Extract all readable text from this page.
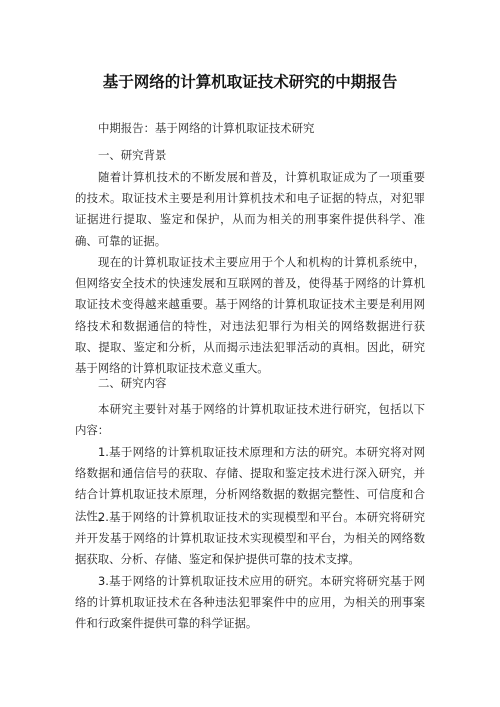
基于网络的计算机取证技术研究的中期报告

中期报告：基于网络的计算机取证技术研究

一、研究背景

随着计算机技术的不断发展和普及，计算机取证成为了一项重要的技术。取证技术主要是利用计算机技术和电子证据的特点，对犯罪证据进行提取、鉴定和保护，从而为相关的刑事案件提供科学、准确、可靠的证据。

现在的计算机取证技术主要应用于个人和机构的计算机系统中，但网络安全技术的快速发展和互联网的普及，使得基于网络的计算机取证技术变得越来越重要。基于网络的计算机取证技术主要是利用网络技术和数据通信的特性，对违法犯罪行为相关的网络数据进行获取、提取、鉴定和分析，从而揭示违法犯罪活动的真相。因此，研究基于网络的计算机取证技术意义重大。

二、研究内容

本研究主要针对基于网络的计算机取证技术进行研究，包括以下内容：

1.基于网络的计算机取证技术原理和方法的研究。本研究将对网络数据和通信信号的获取、存储、提取和鉴定技术进行深入研究，并结合计算机取证技术原理，分析网络数据的数据完整性、可信度和合法性。

2.基于网络的计算机取证技术的实现模型和平台。本研究将研究并开发基于网络的计算机取证技术实现模型和平台，为相关的网络数据获取、分析、存储、鉴定和保护提供可靠的技术支撑。

3.基于网络的计算机取证技术应用的研究。本研究将研究基于网络的计算机取证技术在各种违法犯罪案件中的应用，为相关的刑事案件和行政案件提供可靠的科学证据。
